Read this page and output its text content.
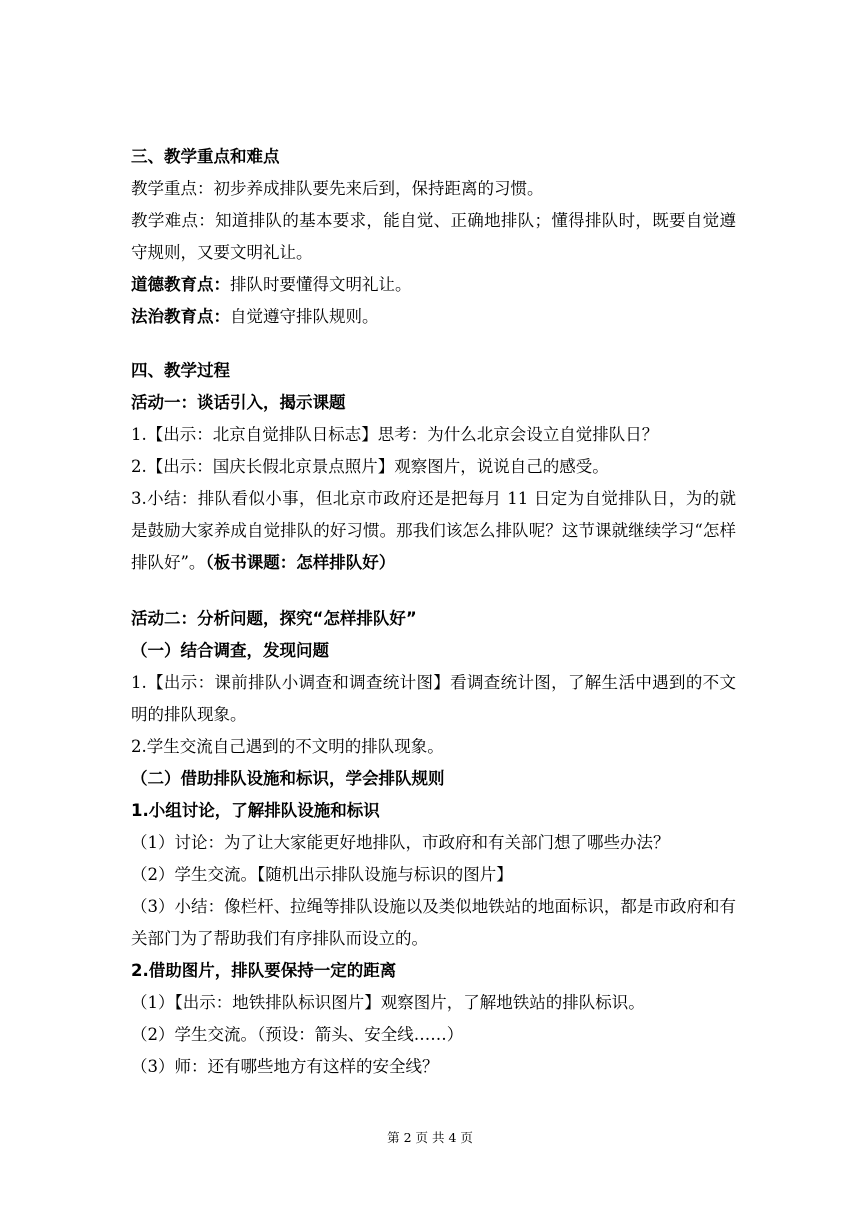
三、教学重点和难点
教学重点：初步养成排队要先来后到，保持距离的习惯。
教学难点：知道排队的基本要求，能自觉、正确地排队；懂得排队时，既要自觉遵守规则，又要文明礼让。
道德教育点：排队时要懂得文明礼让。
法治教育点：自觉遵守排队规则。
四、教学过程
活动一：谈话引入，揭示课题
1.【出示：北京自觉排队日标志】思考：为什么北京会设立自觉排队日？
2.【出示：国庆长假北京景点照片】观察图片，说说自己的感受。
3.小结：排队看似小事，但北京市政府还是把每月 11 日定为自觉排队日，为的就是鼓励大家养成自觉排队的好习惯。那我们该怎么排队呢？这节课就继续学习“怎样排队好”。（板书课题：怎样排队好）
活动二：分析问题，探究“怎样排队好”
（一）结合调查，发现问题
1.【出示：课前排队小调查和调查统计图】看调查统计图，了解生活中遇到的不文明的排队现象。
2.学生交流自己遇到的不文明的排队现象。
（二）借助排队设施和标识，学会排队规则
1.小组讨论，了解排队设施和标识
（1）讨论：为了让大家能更好地排队，市政府和有关部门想了哪些办法？
（2）学生交流。【随机出示排队设施与标识的图片】
（3）小结：像栏杆、拉绳等排队设施以及类似地铁站的地面标识，都是市政府和有关部门为了帮助我们有序排队而设立的。
2.借助图片，排队要保持一定的距离
（1）【出示：地铁排队标识图片】观察图片，了解地铁站的排队标识。
（2）学生交流。（预设：箭头、安全线……）
（3）师：还有哪些地方有这样的安全线？
第 2 页 共 4 页
